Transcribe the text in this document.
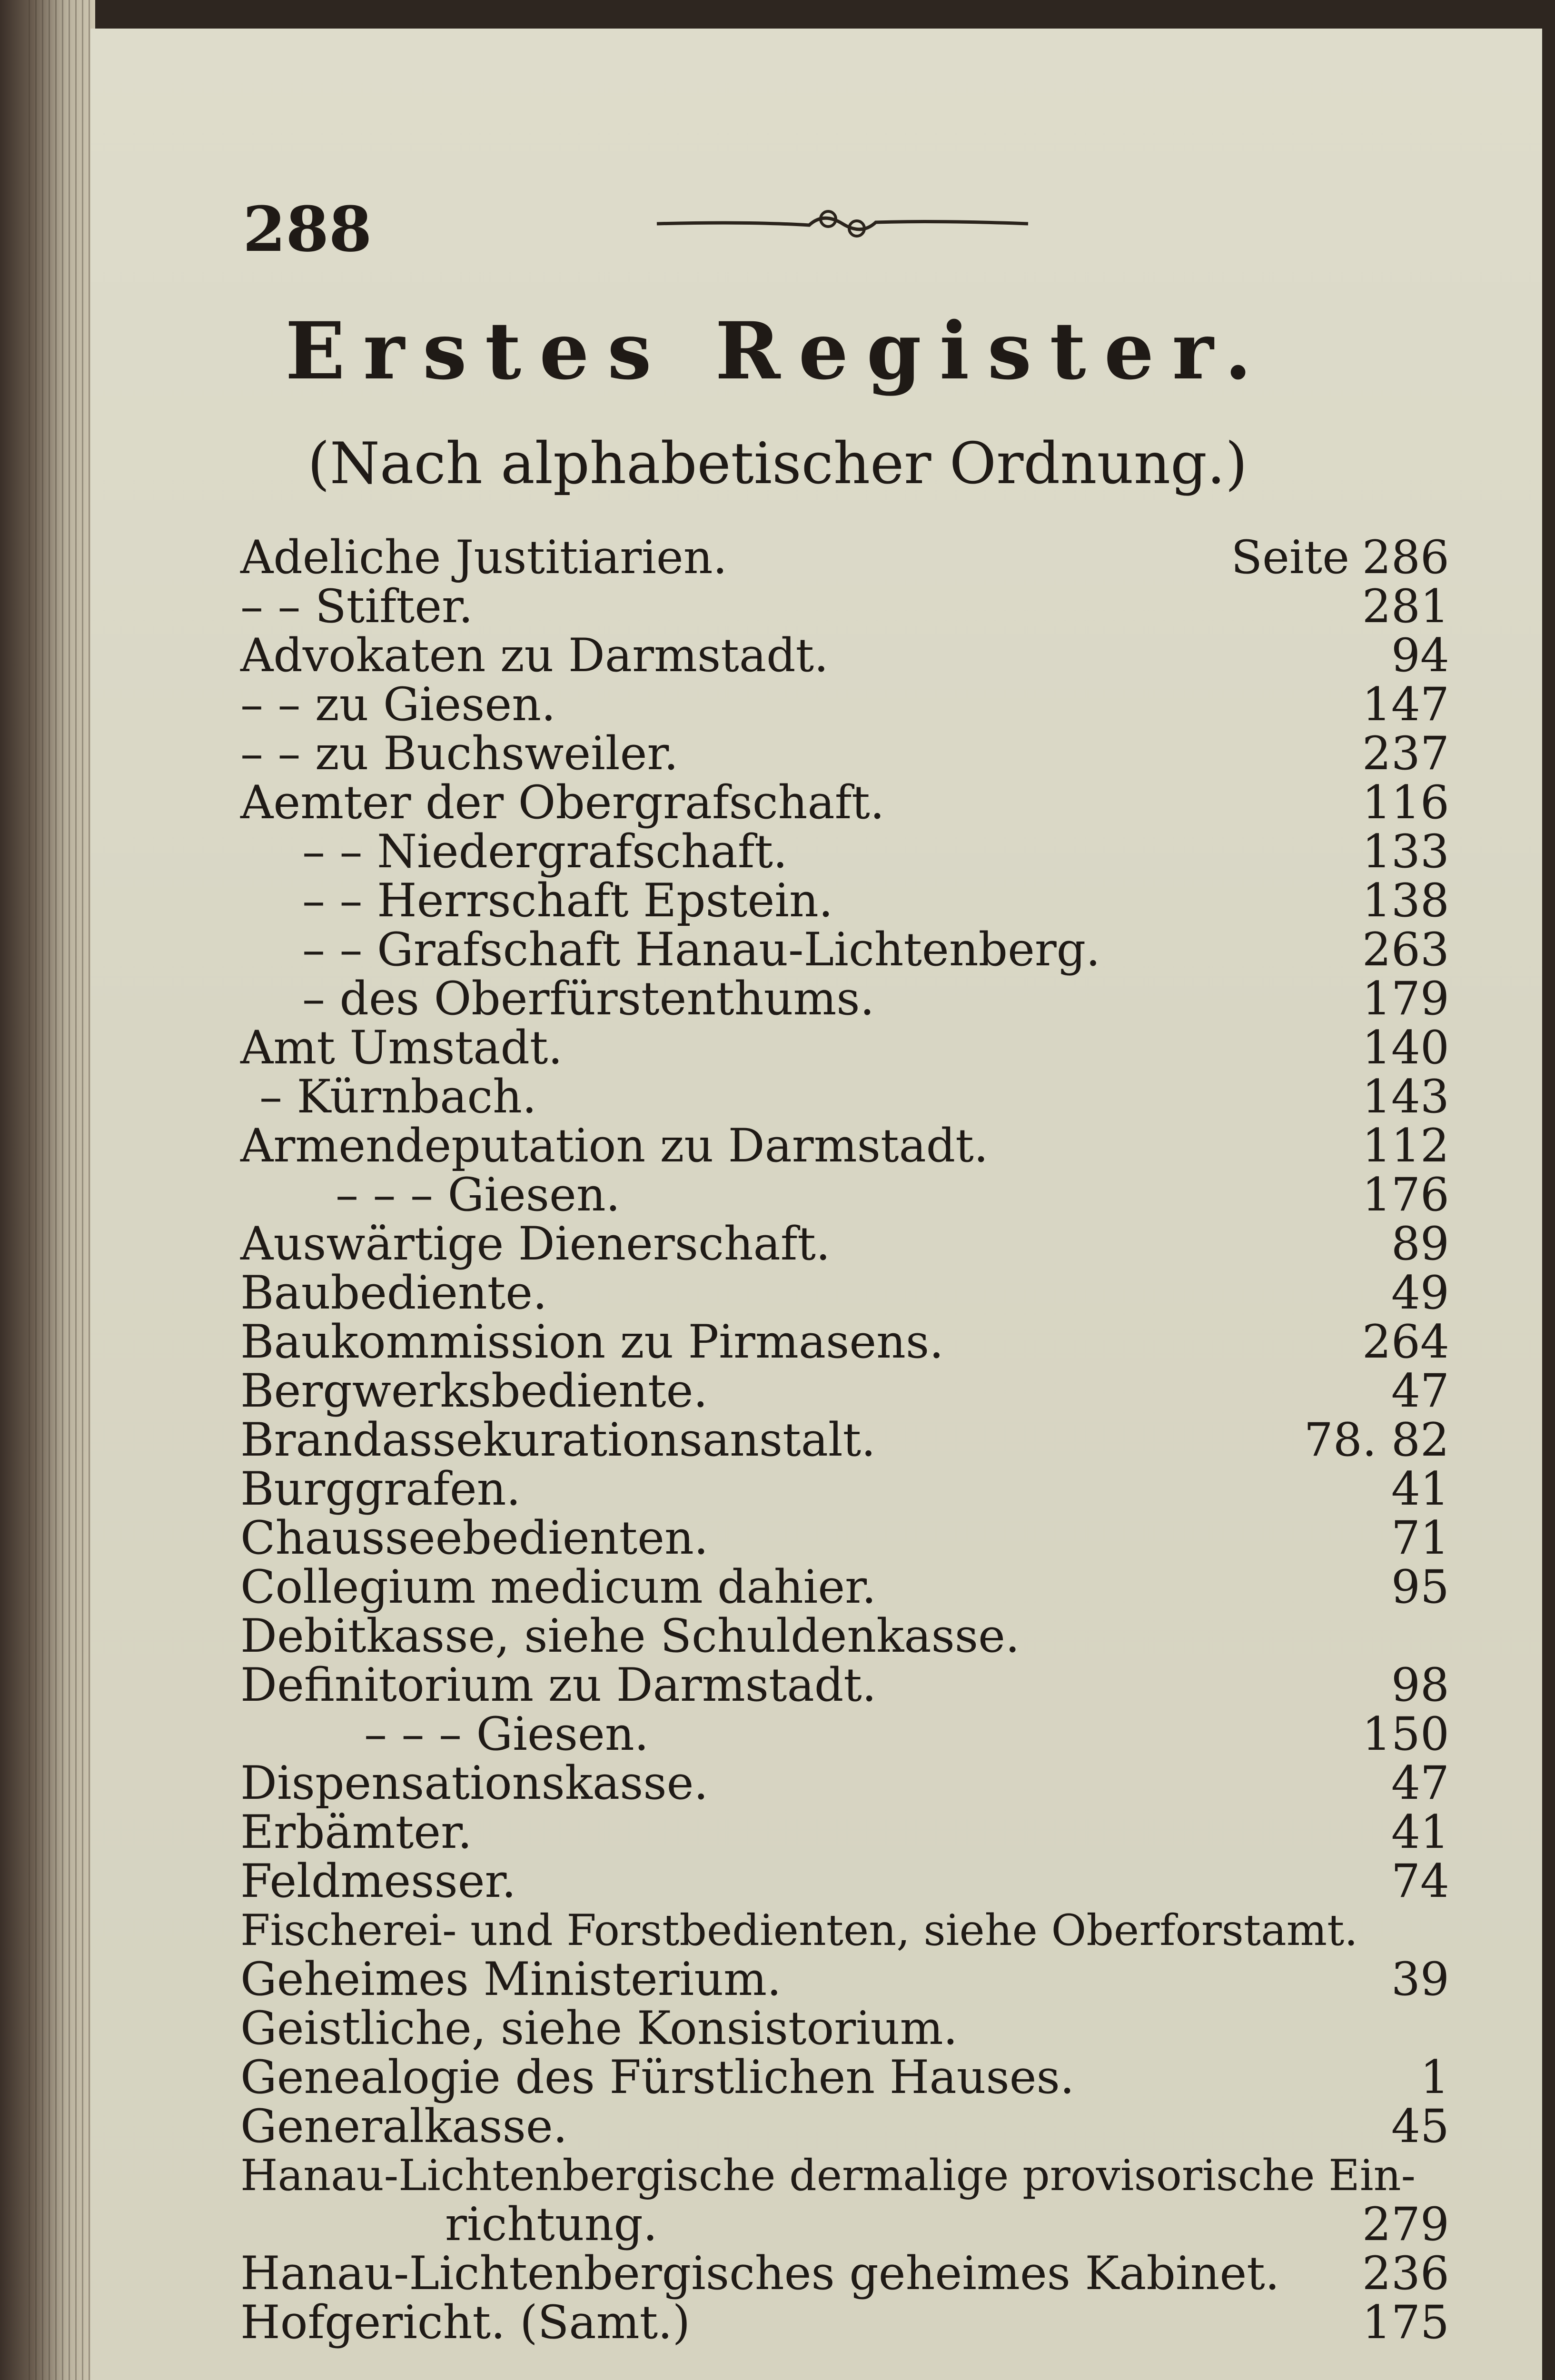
288
Erstes Register.
(Nach alphabetischer Ordnung.)
Adeliche Justitiarien.	Seite 286
– – Stifter.	281
Advokaten zu Darmstadt.	94
– – zu Giesen.	147
– – zu Buchsweiler.	237
Aemter der Obergrafschaft.	116
– – Niedergrafschaft.	133
– – Herrschaft Epstein.	138
– – Grafschaft Hanau-Lichtenberg.	263
– des Oberfürstenthums.	179
Amt Umstadt.	140
– Kürnbach.	143
Armendeputation zu Darmstadt.	112
– – – Giesen.	176
Auswärtige Dienerschaft.	89
Baubediente.	49
Baukommission zu Pirmasens.	264
Bergwerksbediente.	47
Brandassekurationsanstalt.	78. 82
Burggrafen.	41
Chausseebedienten.	71
Collegium medicum dahier.	95
Debitkasse, siehe Schuldenkasse.
Definitorium zu Darmstadt.	98
– – – Giesen.	150
Dispensationskasse.	47
Erbämter.	41
Feldmesser.	74
Fischerei- und Forstbedienten, siehe Oberforstamt.
Geheimes Ministerium.	39
Geistliche, siehe Konsistorium.
Genealogie des Fürstlichen Hauses.	1
Generalkasse.	45
Hanau-Lichtenbergische dermalige provisorische Ein-
richtung.	279
Hanau-Lichtenbergisches geheimes Kabinet. 236
Hofgericht. (Samt.)	175
